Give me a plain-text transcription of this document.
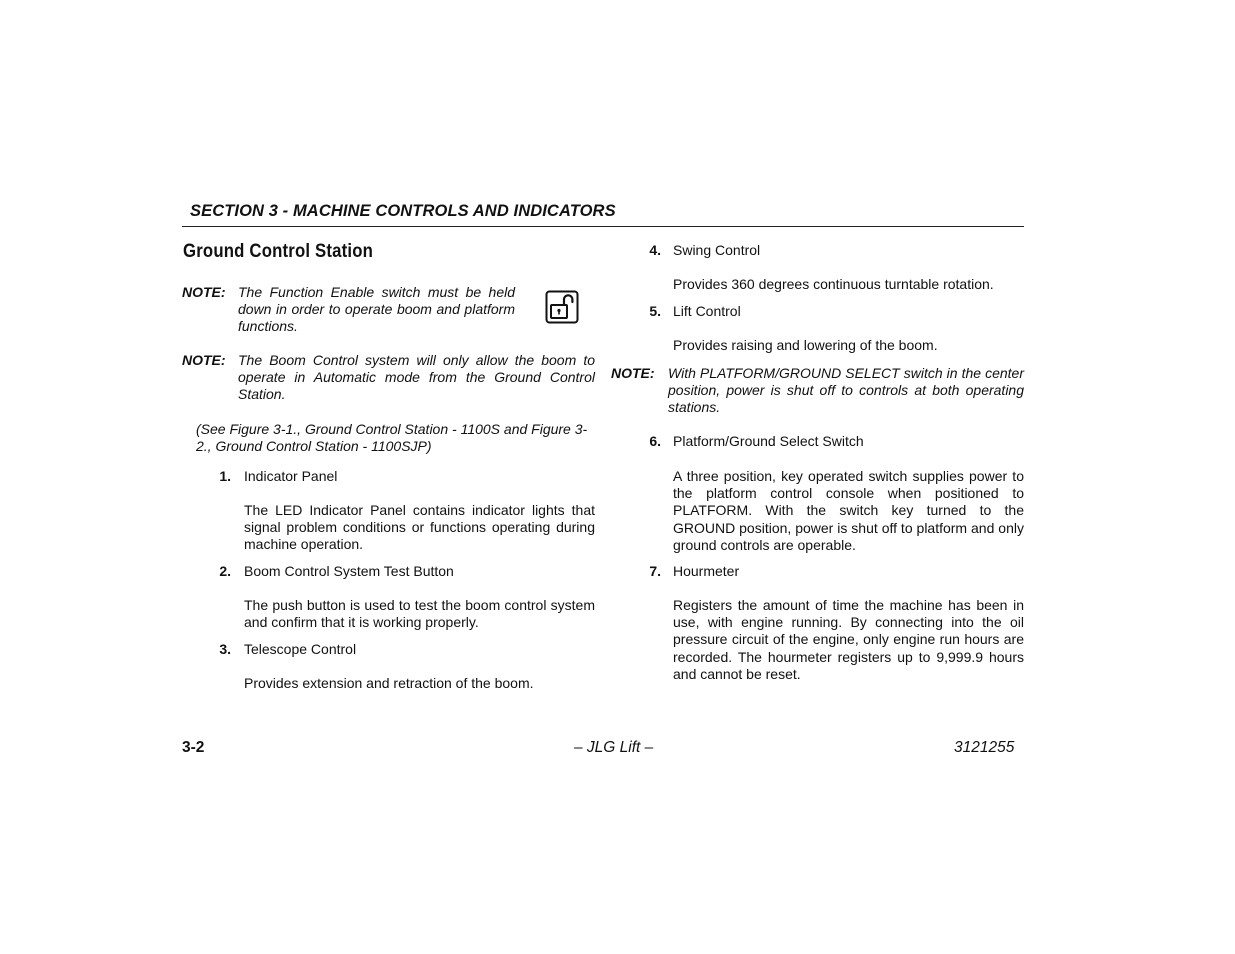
SECTION 3 - MACHINE CONTROLS AND INDICATORS
Ground Control Station
NOTE: The Function Enable switch must be held down in order to operate boom and platform functions.
NOTE: The Boom Control system will only allow the boom to operate in Automatic mode from the Ground Control Station.
(See Figure 3-1., Ground Control Station - 1100S and Figure 3-2., Ground Control Station - 1100SJP)
1. Indicator Panel
The LED Indicator Panel contains indicator lights that signal problem conditions or functions operating during machine operation.
2. Boom Control System Test Button
The push button is used to test the boom control system and confirm that it is working properly.
3. Telescope Control
Provides extension and retraction of the boom.
4. Swing Control
Provides 360 degrees continuous turntable rotation.
5. Lift Control
Provides raising and lowering of the boom.
NOTE: With PLATFORM/GROUND SELECT switch in the center position, power is shut off to controls at both operating stations.
6. Platform/Ground Select Switch
A three position, key operated switch supplies power to the platform control console when positioned to PLATFORM. With the switch key turned to the GROUND position, power is shut off to platform and only ground controls are operable.
7. Hourmeter
Registers the amount of time the machine has been in use, with engine running. By connecting into the oil pressure circuit of the engine, only engine run hours are recorded. The hourmeter registers up to 9,999.9 hours and cannot be reset.
3-2	– JLG Lift –	3121255
